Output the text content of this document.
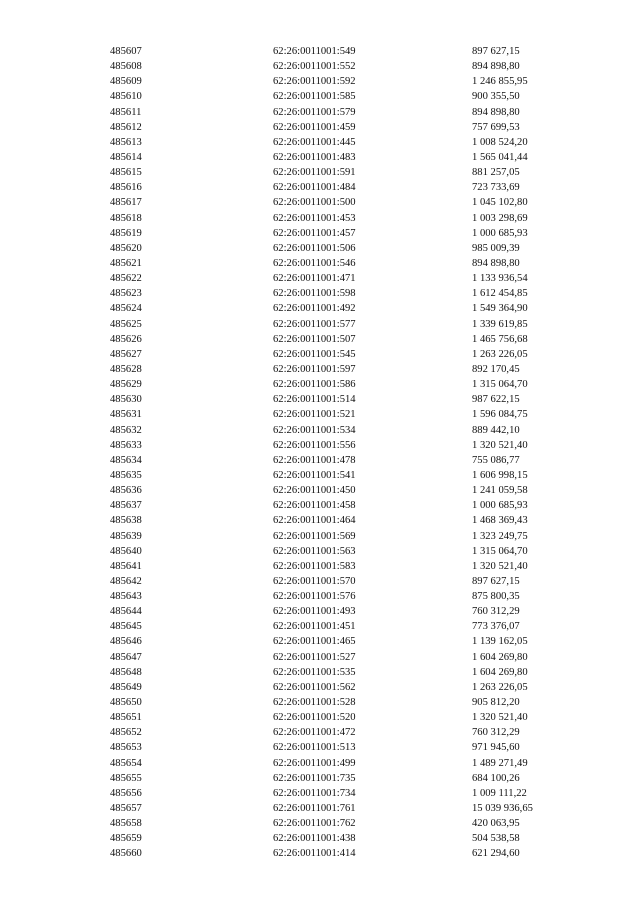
485607	62:26:0011001:549	897 627,15
485608	62:26:0011001:552	894 898,80
485609	62:26:0011001:592	1 246 855,95
485610	62:26:0011001:585	900 355,50
485611	62:26:0011001:579	894 898,80
485612	62:26:0011001:459	757 699,53
485613	62:26:0011001:445	1 008 524,20
485614	62:26:0011001:483	1 565 041,44
485615	62:26:0011001:591	881 257,05
485616	62:26:0011001:484	723 733,69
485617	62:26:0011001:500	1 045 102,80
485618	62:26:0011001:453	1 003 298,69
485619	62:26:0011001:457	1 000 685,93
485620	62:26:0011001:506	985 009,39
485621	62:26:0011001:546	894 898,80
485622	62:26:0011001:471	1 133 936,54
485623	62:26:0011001:598	1 612 454,85
485624	62:26:0011001:492	1 549 364,90
485625	62:26:0011001:577	1 339 619,85
485626	62:26:0011001:507	1 465 756,68
485627	62:26:0011001:545	1 263 226,05
485628	62:26:0011001:597	892 170,45
485629	62:26:0011001:586	1 315 064,70
485630	62:26:0011001:514	987 622,15
485631	62:26:0011001:521	1 596 084,75
485632	62:26:0011001:534	889 442,10
485633	62:26:0011001:556	1 320 521,40
485634	62:26:0011001:478	755 086,77
485635	62:26:0011001:541	1 606 998,15
485636	62:26:0011001:450	1 241 059,58
485637	62:26:0011001:458	1 000 685,93
485638	62:26:0011001:464	1 468 369,43
485639	62:26:0011001:569	1 323 249,75
485640	62:26:0011001:563	1 315 064,70
485641	62:26:0011001:583	1 320 521,40
485642	62:26:0011001:570	897 627,15
485643	62:26:0011001:576	875 800,35
485644	62:26:0011001:493	760 312,29
485645	62:26:0011001:451	773 376,07
485646	62:26:0011001:465	1 139 162,05
485647	62:26:0011001:527	1 604 269,80
485648	62:26:0011001:535	1 604 269,80
485649	62:26:0011001:562	1 263 226,05
485650	62:26:0011001:528	905 812,20
485651	62:26:0011001:520	1 320 521,40
485652	62:26:0011001:472	760 312,29
485653	62:26:0011001:513	971 945,60
485654	62:26:0011001:499	1 489 271,49
485655	62:26:0011001:735	684 100,26
485656	62:26:0011001:734	1 009 111,22
485657	62:26:0011001:761	15 039 936,65
485658	62:26:0011001:762	420 063,95
485659	62:26:0011001:438	504 538,58
485660	62:26:0011001:414	621 294,60
